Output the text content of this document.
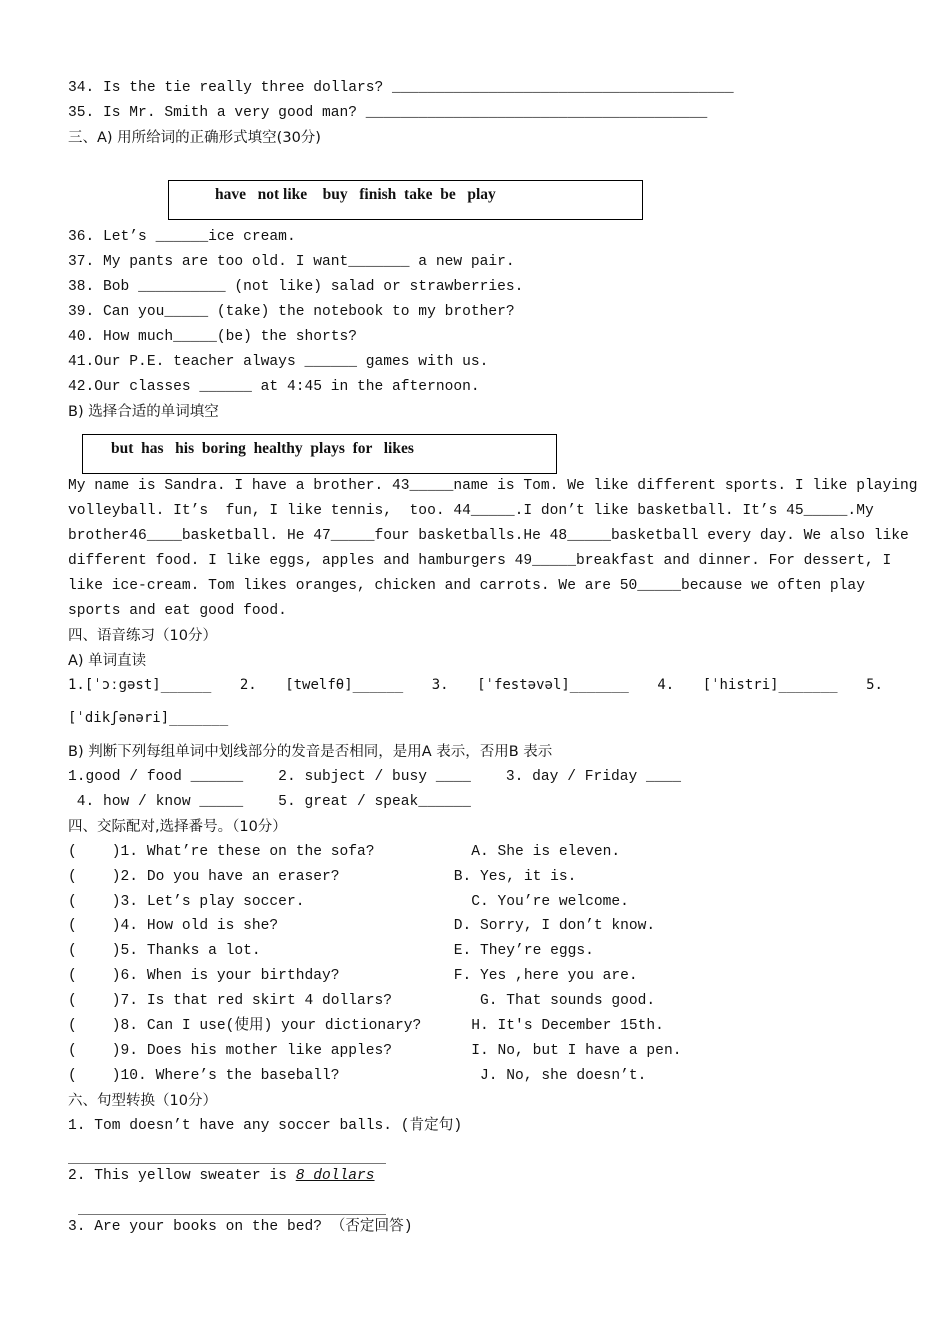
34. Is the tie really three dollars? _______________________________________
35. Is Mr. Smith a very good man? _______________________________________
三、A) 用所给词的正确形式填空(30分)
have   not like    buy   finish  take  be   play
36. Let’s ______ice cream.
37. My pants are too old. I want_______ a new pair.
38. Bob __________ (not like) salad or strawberries.
39. Can you_____ (take) the notebook to my brother?
40. How much_____(be) the shorts?
41.Our P.E. teacher always ______ games with us.
42.Our classes ______ at 4:45 in the afternoon.
B) 选择合适的单词填空
but  has   his  boring  healthy  plays  for   likes
My name is Sandra. I have a brother. 43_____name is Tom. We like different sports. I like playing
volleyball. It’s  fun, I like tennis,  too. 44_____.I don’t like basketball. It’s 45_____.My
brother46____basketball. He 47_____four basketballs.He 48_____basketball every day. We also like
different food. I like eggs, apples and hamburgers 49_____breakfast and dinner. For dessert, I
like ice-cream. Tom likes oranges, chicken and carrots. We are 50_____because we often play
sports and eat good food.
四、语音练习（10分）
A) 单词直读
1.[ˈɔːgəst]______ 2. [twelfθ]______ 3. [ˈfestəvəl]_______ 4. [ˈhistri]_______ 5.
[ˈdikʃənəri]_______
B) 判断下列每组单词中划线部分的发音是否相同，是用A 表示，否用B 表示
1.good / food ______    2. subject / busy ____    3. day / Friday ____
4. how / know _____    5. great / speak______
四、交际配对,选择番号。（10分）
(    )1. What’re these on the sofa?	A. She is eleven.
(    )2. Do you have an eraser?	B. Yes, it is.
(    )3. Let’s play soccer.	C. You’re welcome.
(    )4. How old is she?	D. Sorry, I don’t know.
(    )5. Thanks a lot.	E. They’re eggs.
(    )6. When is your birthday?	F. Yes ,here you are.
(    )7. Is that red skirt 4 dollars?	G. That sounds good.
(    )8. Can I use(使用) your dictionary?	H. It's December 15th.
(    )9. Does his mother like apples?	I. No, but I have a pen.
(    )10. Where’s the baseball?	J. No, she doesn’t.
六、句型转换（10分）
1. Tom doesn’t have any soccer balls. (肯定句)
2. This yellow sweater is 8 dollars
3. Are your books on the bed? （否定回答)
